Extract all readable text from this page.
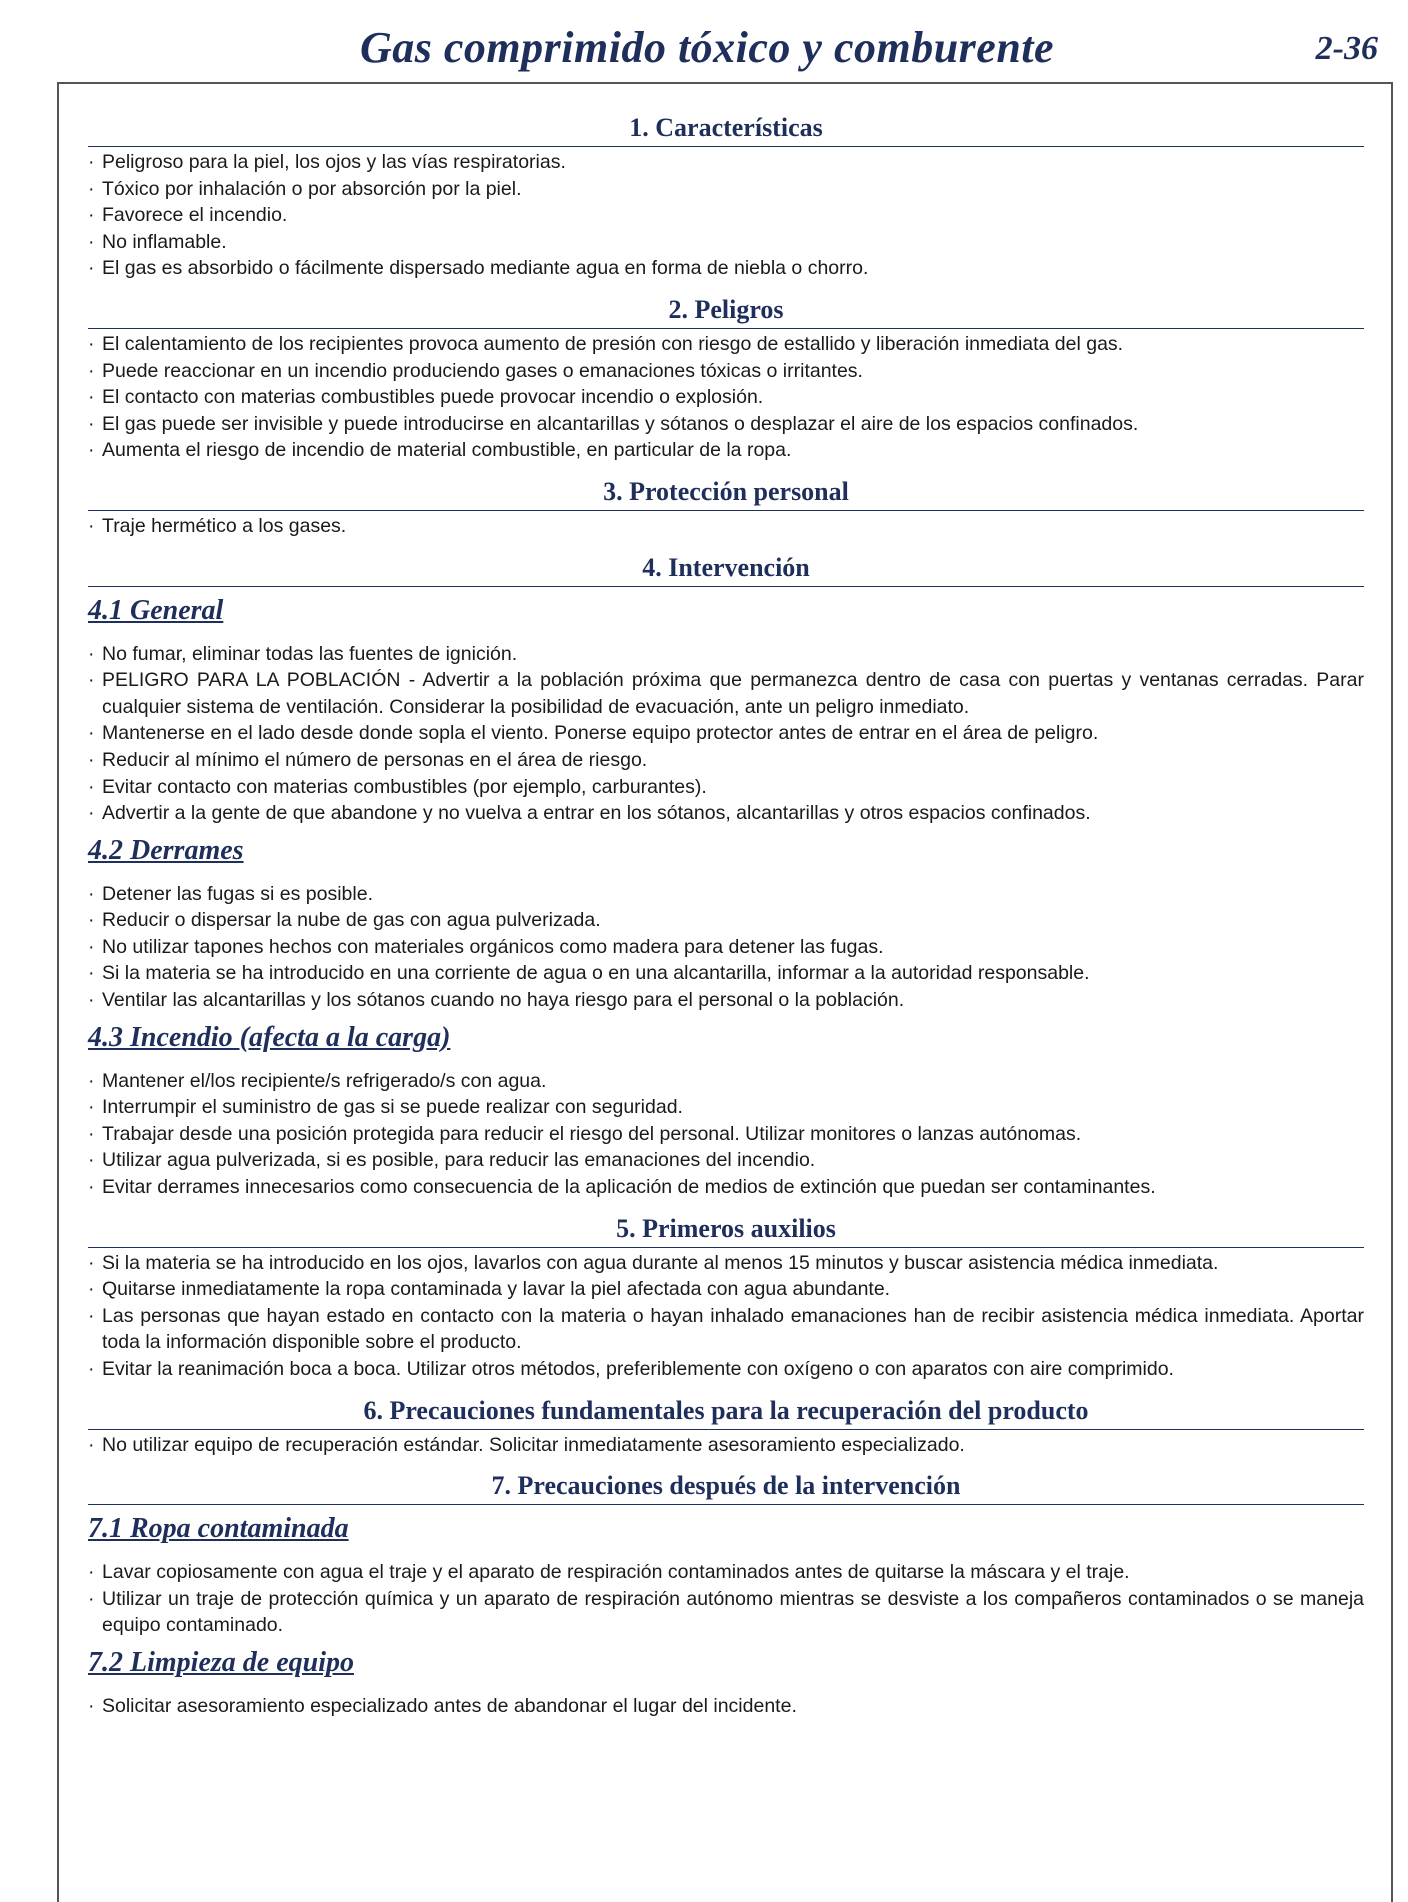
Gas comprimido tóxico y comburente	2-36
1. Características
· Peligroso para la piel, los ojos y las vías respiratorias.
· Tóxico por inhalación o por absorción por la piel.
· Favorece el incendio.
· No inflamable.
· El gas es absorbido o fácilmente dispersado mediante agua en forma de niebla o chorro.
2. Peligros
· El calentamiento de los recipientes provoca aumento de presión con riesgo de estallido y liberación inmediata del gas.
· Puede reaccionar en un incendio produciendo gases o emanaciones tóxicas o irritantes.
· El contacto con materias combustibles puede provocar incendio o explosión.
· El gas puede ser invisible y puede introducirse en alcantarillas y sótanos o desplazar el aire de los espacios confinados.
· Aumenta el riesgo de incendio de material combustible, en particular de la ropa.
3. Protección personal
· Traje hermético a los gases.
4. Intervención
4.1 General
· No fumar, eliminar todas las fuentes de ignición.
· PELIGRO PARA LA POBLACIÓN - Advertir a la población próxima que permanezca dentro de casa con puertas y ventanas cerradas. Parar cualquier sistema de ventilación. Considerar la posibilidad de evacuación, ante un peligro inmediato.
· Mantenerse en el lado desde donde sopla el viento. Ponerse equipo protector antes de entrar en el área de peligro.
· Reducir al mínimo el número de personas en el área de riesgo.
· Evitar contacto con materias combustibles (por ejemplo, carburantes).
· Advertir a la gente de que abandone y no vuelva a entrar en los sótanos, alcantarillas y otros espacios confinados.
4.2 Derrames
· Detener las fugas si es posible.
· Reducir o dispersar la nube de gas con agua pulverizada.
· No utilizar tapones hechos con materiales orgánicos como madera para detener las fugas.
· Si la materia se ha introducido en una corriente de agua o en una alcantarilla, informar a la autoridad responsable.
· Ventilar las alcantarillas y los sótanos cuando no haya riesgo para el personal o la población.
4.3 Incendio (afecta a la carga)
· Mantener el/los recipiente/s refrigerado/s con agua.
· Interrumpir el suministro de gas si se puede realizar con seguridad.
· Trabajar desde una posición protegida para reducir el riesgo del personal. Utilizar monitores o lanzas autónomas.
· Utilizar agua pulverizada, si es posible, para reducir las emanaciones del incendio.
· Evitar derrames innecesarios como consecuencia de la aplicación de medios de extinción que puedan ser contaminantes.
5. Primeros auxilios
· Si la materia se ha introducido en los ojos, lavarlos con agua durante al menos 15 minutos y buscar asistencia médica inmediata.
· Quitarse inmediatamente la ropa contaminada y lavar la piel afectada con agua abundante.
· Las personas que hayan estado en contacto con la materia o hayan inhalado emanaciones han de recibir asistencia médica inmediata. Aportar toda la información disponible sobre el producto.
· Evitar la reanimación boca a boca. Utilizar otros métodos, preferiblemente con oxígeno o con aparatos con aire comprimido.
6. Precauciones fundamentales para la recuperación del producto
· No utilizar equipo de recuperación estándar. Solicitar inmediatamente asesoramiento especializado.
7. Precauciones después de la intervención
7.1 Ropa contaminada
· Lavar copiosamente con agua el traje y el aparato de respiración contaminados antes de quitarse la máscara y el traje.
· Utilizar un traje de protección química y un aparato de respiración autónomo mientras se desviste a los compañeros contaminados o se maneja equipo contaminado.
7.2 Limpieza de equipo
· Solicitar asesoramiento especializado antes de abandonar el lugar del incidente.
